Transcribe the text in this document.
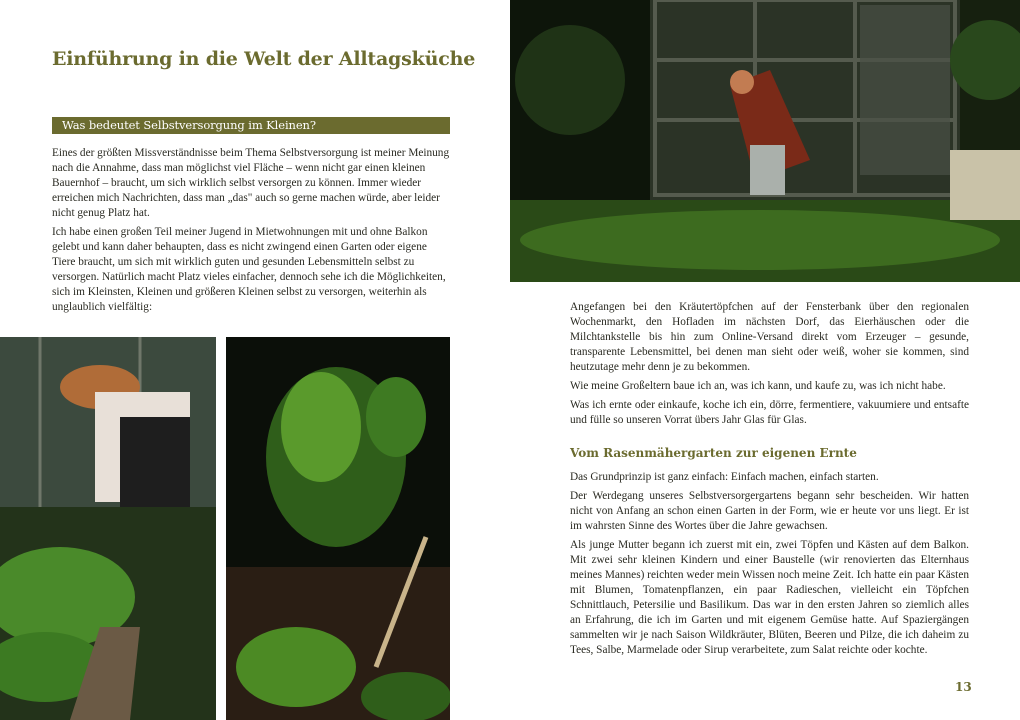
Einführung in die Welt der Alltagsküche
Was bedeutet Selbstversorgung im Kleinen?

Eines der größten Missverständnisse beim Thema Selbstversorgung ist meiner Meinung nach die Annahme, dass man möglichst viel Fläche – wenn nicht gar einen kleinen Bauernhof – braucht, um sich wirklich selbst versorgen zu können. Immer wieder erreichen mich Nachrichten, dass man „das" auch so gerne machen würde, aber leider nicht genug Platz hat.

Ich habe einen großen Teil meiner Jugend in Mietwohnungen mit und ohne Balkon gelebt und kann daher behaupten, dass es nicht zwingend einen Garten oder eigene Tiere braucht, um sich mit wirklich guten und gesunden Lebensmitteln selbst zu versorgen. Natürlich macht Platz vieles einfacher, dennoch sehe ich die Möglichkeiten, sich im Kleinsten, Kleinen und größeren Kleinen selbst zu versorgen, weiterhin als unglaublich vielfältig:	Angefangen bei den Kräutertöpfchen auf der Fensterbank über den regionalen Wochenmarkt, den Hofladen im nächsten Dorf, das Eierhäuschen oder die Milchtankstelle bis hin zum Online-Versand direkt vom Erzeuger – gesunde, transparente Lebensmittel, bei denen man sieht oder weiß, woher sie kommen, sind heutzutage mehr denn je zu bekommen.

Wie meine Großeltern baue ich an, was ich kann, und kaufe zu, was ich nicht habe.

Was ich ernte oder einkaufe, koche ich ein, dörre, fermentiere, vakuumiere und entsafte und fülle so unseren Vorrat übers Jahr Glas für Glas.

Vom Rasenmähergarten zur eigenen Ernte

Das Grundprinzip ist ganz einfach: Einfach machen, einfach starten.

Der Werdegang unseres Selbstversorgergartens begann sehr bescheiden. Wir hatten nicht von Anfang an schon einen Garten in der Form, wie er heute vor uns liegt. Er ist im wahrsten Sinne des Wortes über die Jahre gewachsen.

Als junge Mutter begann ich zuerst mit ein, zwei Töpfen und Kästen auf dem Balkon. Mit zwei sehr kleinen Kindern und einer Baustelle (wir renovierten das Elternhaus meines Mannes) reichten weder mein Wissen noch meine Zeit. Ich hatte ein paar Kästen mit Blumen, Tomatenpflanzen, ein paar Radieschen, vielleicht ein Töpfchen Schnittlauch, Petersilie und Basilikum. Das war in den ersten Jahren so ziemlich alles an Erfahrung, die ich im Garten und mit eigenem Gemüse hatte. Auf Spaziergängen sammelten wir je nach Saison Wildkräuter, Blüten, Beeren und Pilze, die ich daheim zu Tees, Salbe, Marmelade oder Sirup verarbeitete, zum Salat reichte oder kochte.

13
